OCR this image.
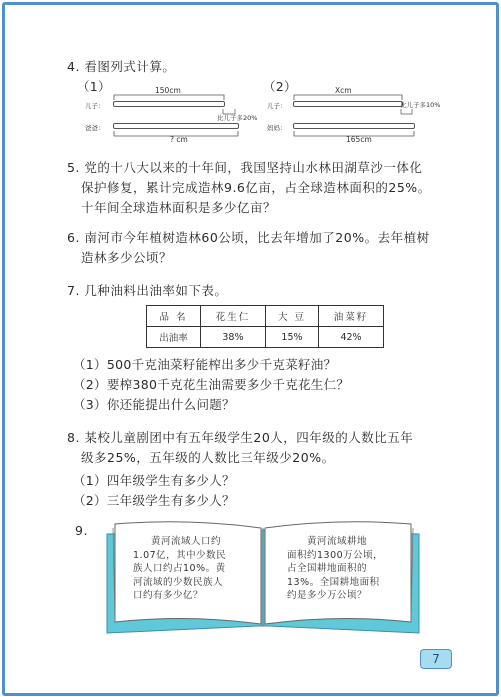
4. 看图列式计算。
（1）	（2）
150cm
儿子：
比儿子多20%
爸爸：
? cm
Xcm
儿子：	比儿子多10%
妈妈：
165cm
5. 党的十八大以来的十年间，我国坚持山水林田湖草沙一体化
保护修复，累计完成造林9.6亿亩，占全球造林面积的25%。
十年间全球造林面积是多少亿亩？
6. 南河市今年植树造林60公顷，比去年增加了20%。去年植树
造林多少公顷？
7. 几种油料出油率如下表。
品 名	花生仁	大 豆	油菜籽
出油率	38%	15%	42%
（1）500千克油菜籽能榨出多少千克菜籽油？
（2）要榨380千克花生油需要多少千克花生仁？
（3）你还能提出什么问题？
8. 某校儿童剧团中有五年级学生20人，四年级的人数比五年
级多25%，五年级的人数比三年级少20%。
（1）四年级学生有多少人？
（2）三年级学生有多少人？
9.
黄河流域人口约
1.07亿，其中少数民
族人口约占10%。黄
河流域的少数民族人
口约有多少亿？
黄河流域耕地
面积约1300万公顷，
占全国耕地面积的
13%。全国耕地面积
约是多少万公顷？
7
